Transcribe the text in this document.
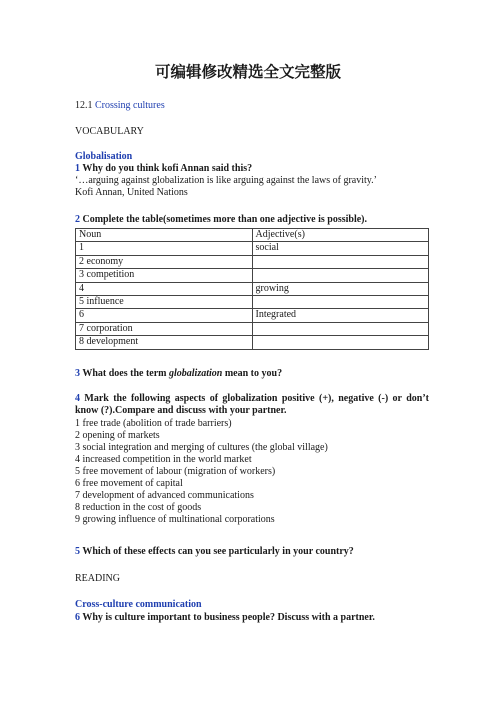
可编辑修改精选全文完整版
12.1 Crossing cultures
VOCABULARY
Globalisation
1 Why do you think kofi Annan said this?
‘…arguing against globalization is like arguing against the laws of gravity.’
Kofi Annan, United Nations
2 Complete the table(sometimes more than one adjective is possible).
Noun	Adjective(s)
1	social
2 economy	
3 competition	
4	growing
5 influence	
6	Integrated
7 corporation	
8 development	
3 What does the term globalization mean to you?
4 Mark the following aspects of globalization positive (+), negative (-) or don’t know (?).Compare and discuss with your partner.
1 free trade (abolition of trade barriers)
2 opening of markets
3 social integration and merging of cultures (the global village)
4 increased competition in the world market
5 free movement of labour (migration of workers)
6 free movement of capital
7 development of advanced communications
8 reduction in the cost of goods
9 growing influence of multinational corporations
5 Which of these effects can you see particularly in your country?
READING
Cross-culture communication
6 Why is culture important to business people? Discuss with a partner.
